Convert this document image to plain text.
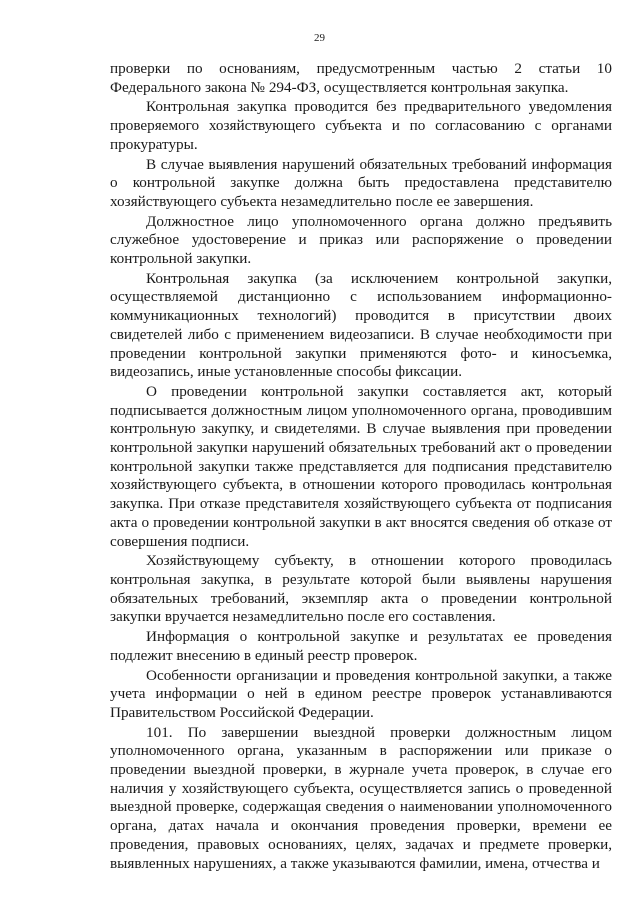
29

проверки по основаниям, предусмотренным частью 2 статьи 10 Федерального закона № 294-ФЗ, осуществляется контрольная закупка.

Контрольная закупка проводится без предварительного уведомления проверяемого хозяйствующего субъекта и по согласованию с органами прокуратуры.

В случае выявления нарушений обязательных требований информация о контрольной закупке должна быть предоставлена представителю хозяйствующего субъекта незамедлительно после ее завершения.

Должностное лицо уполномоченного органа должно предъявить служебное удостоверение и приказ или распоряжение о проведении контрольной закупки.

Контрольная закупка (за исключением контрольной закупки, осуществляемой дистанционно с использованием информационно-коммуникационных технологий) проводится в присутствии двоих свидетелей либо с применением видеозаписи. В случае необходимости при проведении контрольной закупки применяются фото- и киносъемка, видеозапись, иные установленные способы фиксации.

О проведении контрольной закупки составляется акт, который подписывается должностным лицом уполномоченного органа, проводившим контрольную закупку, и свидетелями. В случае выявления при проведении контрольной закупки нарушений обязательных требований акт о проведении контрольной закупки также представляется для подписания представителю хозяйствующего субъекта, в отношении которого проводилась контрольная закупка. При отказе представителя хозяйствующего субъекта от подписания акта о проведении контрольной закупки в акт вносятся сведения об отказе от совершения подписи.

Хозяйствующему субъекту, в отношении которого проводилась контрольная закупка, в результате которой были выявлены нарушения обязательных требований, экземпляр акта о проведении контрольной закупки вручается незамедлительно после его составления.

Информация о контрольной закупке и результатах ее проведения подлежит внесению в единый реестр проверок.

Особенности организации и проведения контрольной закупки, а также учета информации о ней в едином реестре проверок устанавливаются Правительством Российской Федерации.

101. По завершении выездной проверки должностным лицом уполномоченного органа, указанным в распоряжении или приказе о проведении выездной проверки, в журнале учета проверок, в случае его наличия у хозяйствующего субъекта, осуществляется запись о проведенной выездной проверке, содержащая сведения о наименовании уполномоченного органа, датах начала и окончания проведения проверки, времени ее проведения, правовых основаниях, целях, задачах и предмете проверки, выявленных нарушениях, а также указываются фамилии, имена, отчества и
